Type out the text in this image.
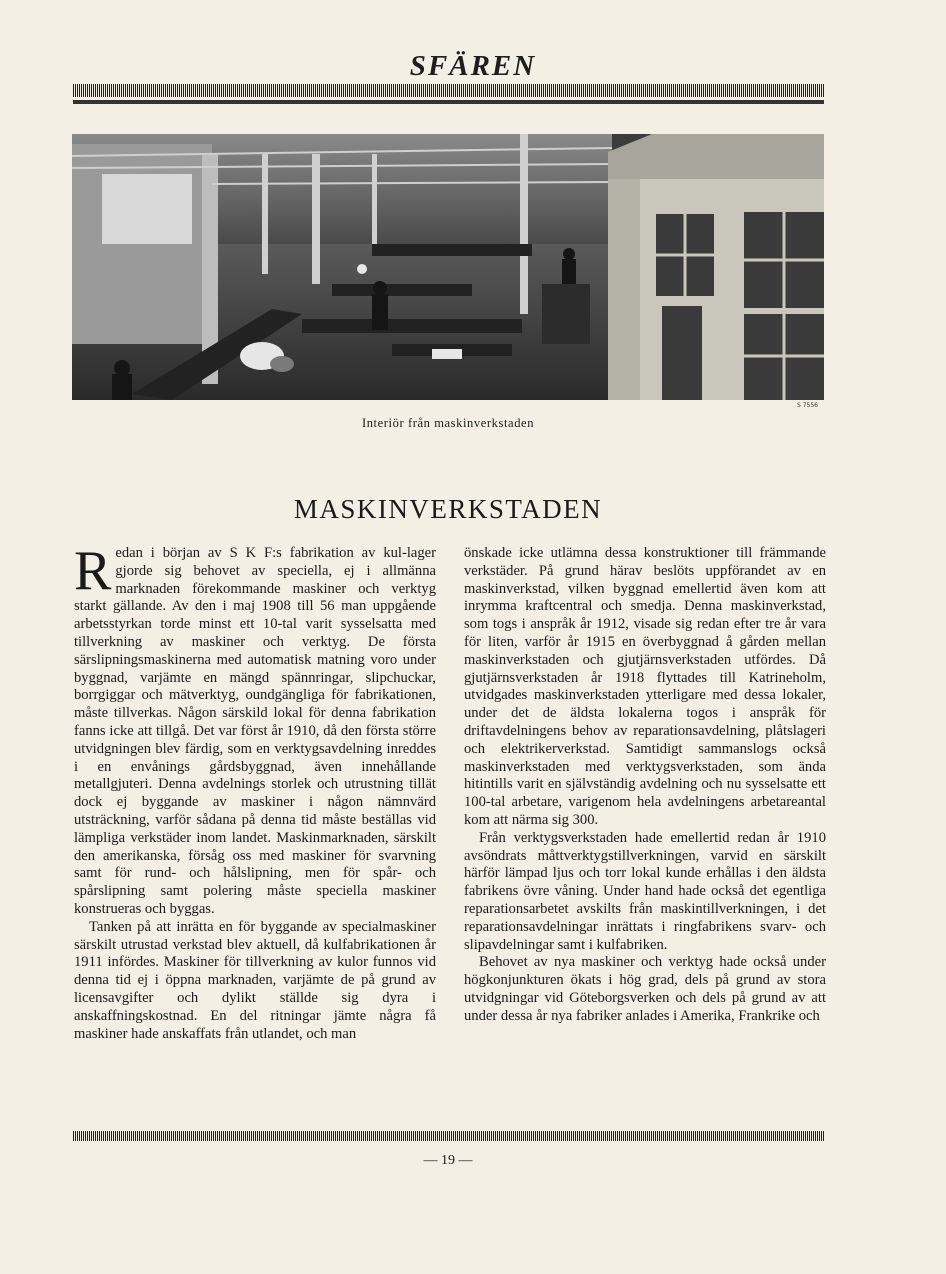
SFÄREN
S 7556
Interiör från maskinverkstaden
MASKINVERKSTADEN

Redan i början av S K F:s fabrikation av kul-lager gjorde sig behovet av speciella, ej i allmänna marknaden förekommande maskiner och verktyg starkt gällande. Av den i maj 1908 till 56 man uppgående arbetsstyrkan torde minst ett 10-tal varit sysselsatta med tillverkning av maskiner och verktyg. De första särslipningsmaskinerna med automatisk matning voro under byggnad, varjämte en mängd spännringar, slipchuckar, borrgiggar och mätverktyg, oundgängliga för fabrikationen, måste tillverkas. Någon särskild lokal för denna fabrikation fanns icke att tillgå. Det var först år 1910, då den första större utvidgningen blev färdig, som en verktygsavdelning inreddes i en envånings gårdsbyggnad, även innehållande metallgjuteri. Denna avdelnings storlek och utrustning tillät dock ej byggande av maskiner i någon nämnvärd utsträckning, varför sådana på denna tid måste beställas vid lämpliga verkstäder inom landet. Maskinmarknaden, särskilt den amerikanska, försåg oss med maskiner för svarvning samt för rund- och hålslipning, men för spår- och spårslipning samt polering måste speciella maskiner konstrueras och byggas.

Tanken på att inrätta en för byggande av specialmaskiner särskilt utrustad verkstad blev aktuell, då kulfabrikationen år 1911 infördes. Maskiner för tillverkning av kulor funnos vid denna tid ej i öppna marknaden, varjämte de på grund av licensavgifter och dylikt ställde sig dyra i anskaffningskostnad. En del ritningar jämte några få maskiner hade anskaffats från utlandet, och man

önskade icke utlämna dessa konstruktioner till främmande verkstäder. På grund härav beslöts uppförandet av en maskinverkstad, vilken byggnad emellertid även kom att inrymma kraftcentral och smedja. Denna maskinverkstad, som togs i anspråk år 1912, visade sig redan efter tre år vara för liten, varför år 1915 en överbyggnad å gården mellan maskinverkstaden och gjutjärnsverkstaden utfördes. Då gjutjärnsverkstaden år 1918 flyttades till Katrineholm, utvidgades maskinverkstaden ytterligare med dessa lokaler, under det de äldsta lokalerna togos i anspråk för driftavdelningens behov av reparationsavdelning, plåtslageri och elektrikerverkstad. Samtidigt sammanslogs också maskinverkstaden med verktygsverkstaden, som ända hitintills varit en självständig avdelning och nu sysselsatte ett 100-tal arbetare, varigenom hela avdelningens arbetareantal kom att närma sig 300.

Från verktygsverkstaden hade emellertid redan år 1910 avsöndrats måttverktygstillverkningen, varvid en särskilt härför lämpad ljus och torr lokal kunde erhållas i den äldsta fabrikens övre våning. Under hand hade också det egentliga reparationsarbetet avskilts från maskintillverkningen, i det reparationsavdelningar inrättats i ringfabrikens svarv- och slipavdelningar samt i kulfabriken.

Behovet av nya maskiner och verktyg hade också under högkonjunkturen ökats i hög grad, dels på grund av stora utvidgningar vid Göteborgsverken och dels på grund av att under dessa år nya fabriker anlades i Amerika, Frankrike och

— 19 —
